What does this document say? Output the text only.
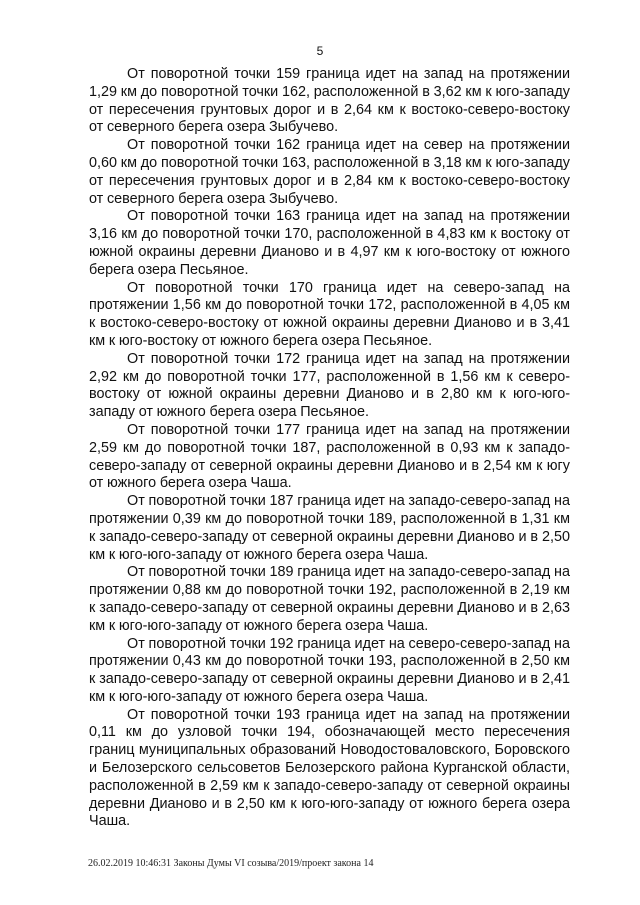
5

От поворотной точки 159 граница идет на запад на протяжении 1,29 км до поворотной точки 162, расположенной в 3,62 км к юго-западу от пересечения грунтовых дорог и в 2,64 км к востоко-северо-востоку от северного берега озера Зыбучево.

От поворотной точки 162 граница идет на север на протяжении 0,60 км до поворотной точки 163, расположенной в 3,18 км к юго-западу от пересечения грунтовых дорог и в 2,84 км к востоко-северо-востоку от северного берега озера Зыбучево.

От поворотной точки 163 граница идет на запад на протяжении 3,16 км до поворотной точки 170, расположенной в 4,83 км к востоку от южной окраины деревни Дианово и в 4,97 км к юго-востоку от южного берега озера Песьяное.

От поворотной точки 170 граница идет на северо-запад на протяжении 1,56 км до поворотной точки 172, расположенной в 4,05 км к востоко-северо-востоку от южной окраины деревни Дианово и в 3,41 км к юго-востоку от южного берега озера Песьяное.

От поворотной точки 172 граница идет на запад на протяжении 2,92 км до поворотной точки 177, расположенной в 1,56 км к северо-востоку от южной окраины деревни Дианово и в 2,80 км к юго-юго-западу от южного берега озера Песьяное.

От поворотной точки 177 граница идет на запад на протяжении 2,59 км до поворотной точки 187, расположенной в 0,93 км к западо-северо-западу от северной окраины деревни Дианово и в 2,54 км к югу от южного берега озера Чаша.

От поворотной точки 187 граница идет на западо-северо-запад на протяжении 0,39 км до поворотной точки 189, расположенной в 1,31 км к западо-северо-западу от северной окраины деревни Дианово и в 2,50 км к юго-юго-западу от южного берега озера Чаша.

От поворотной точки 189 граница идет на западо-северо-запад на протяжении 0,88 км до поворотной точки 192, расположенной в 2,19 км к западо-северо-западу от северной окраины деревни Дианово и в 2,63 км к юго-юго-западу от южного берега озера Чаша.

От поворотной точки 192 граница идет на северо-северо-запад на протяжении 0,43 км до поворотной точки 193, расположенной в 2,50 км к западо-северо-западу от северной окраины деревни Дианово и в 2,41 км к юго-юго-западу от южного берега озера Чаша.

От поворотной точки 193 граница идет на запад на протяжении 0,11 км до узловой точки 194, обозначающей место пересечения границ муниципальных образований Новодостоваловского, Боровского и Белозерского сельсоветов Белозерского района Курганской области, расположенной в 2,59 км к западо-северо-западу от северной окраины деревни Дианово и в 2,50 км к юго-юго-западу от южного берега озера Чаша.

26.02.2019 10:46:31 Законы Думы VI созыва/2019/проект закона 14
